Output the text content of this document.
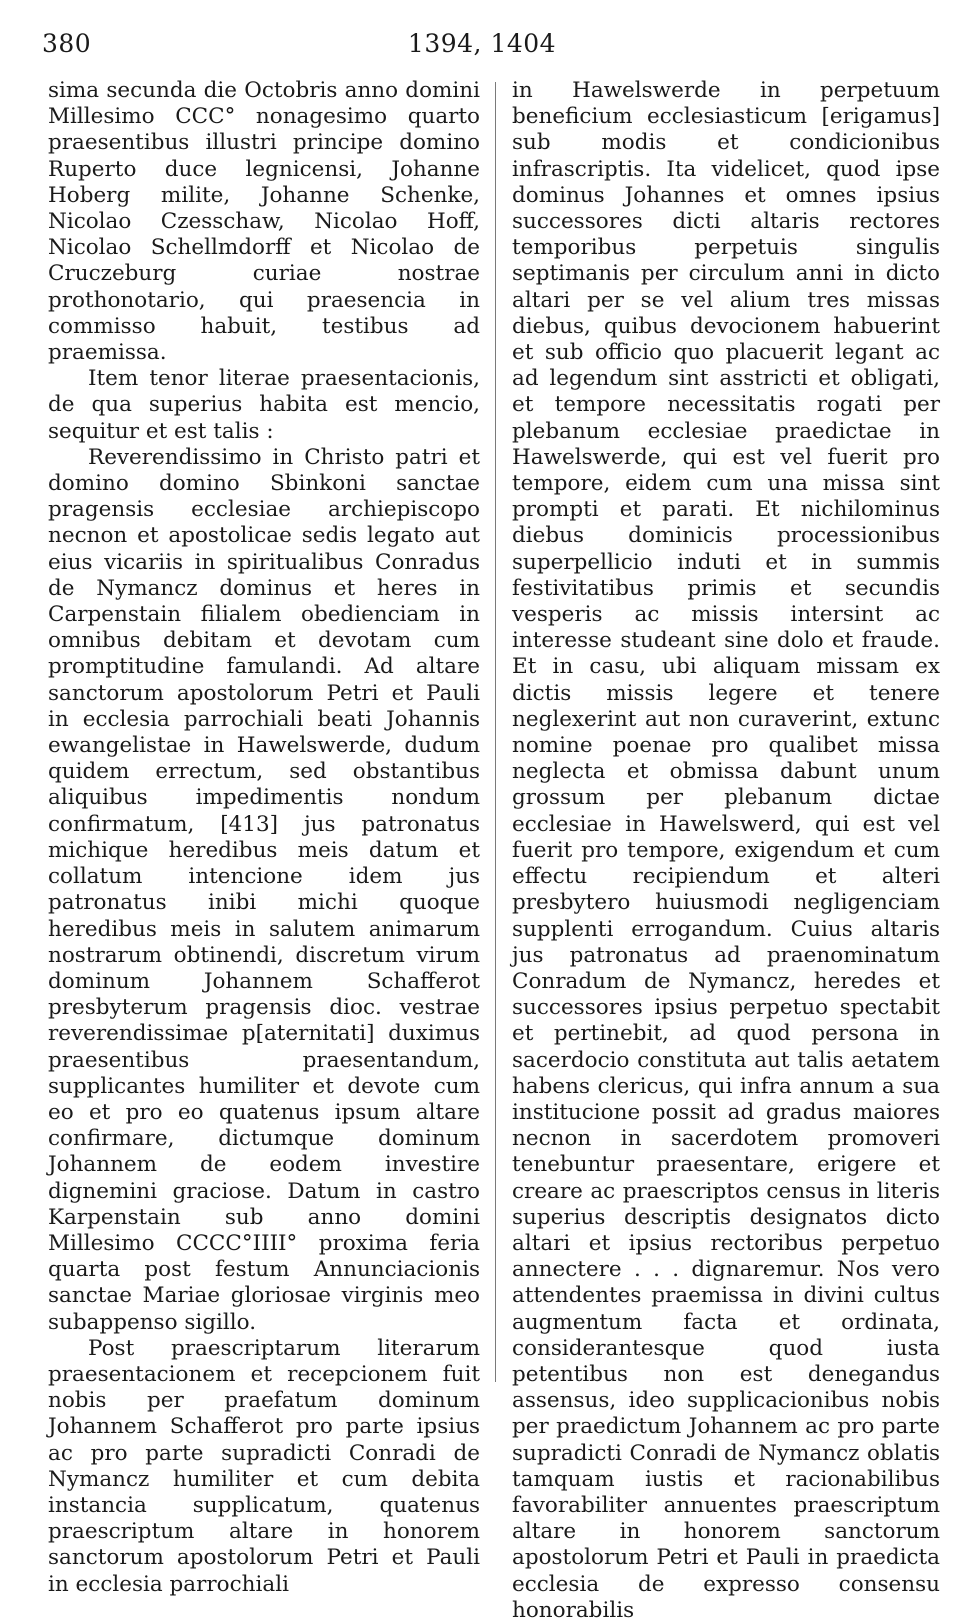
380	1394, 1404

sima secunda die Octobris anno domini Millesimo CCC° nonagesimo quarto praesentibus illustri principe domino Ruperto duce legnicensi, Johanne Hoberg milite, Johanne Schenke, Nicolao Czesschaw, Nicolao Hoff, Nicolao Schellmdorff et Nicolao de Cruczeburg curiae nostrae prothonotario, qui praesencia in commisso habuit, testibus ad praemissa.

Item tenor literae praesentacionis, de qua superius habita est mencio, sequitur et est talis :

Reverendissimo in Christo patri et domino domino Sbinkoni sanctae pragensis ecclesiae archiepiscopo necnon et apostolicae sedis legato aut eius vicariis in spiritualibus Conradus de Nymancz dominus et heres in Carpenstain filialem obedienciam in omnibus debitam et devotam cum promptitudine famulandi. Ad altare sanctorum apostolorum Petri et Pauli in ecclesia parrochiali beati Johannis ewangelistae in Hawelswerde, dudum quidem errectum, sed obstantibus aliquibus impedimentis nondum confirmatum, [413] jus patronatus michique heredibus meis datum et collatum intencione idem jus patronatus inibi michi quoque heredibus meis in salutem animarum nostrarum obtinendi, discretum virum dominum Johannem Schafferot presbyterum pragensis dioc. vestrae reverendissimae p[aternitati] duximus praesentibus praesentandum, supplicantes humiliter et devote cum eo et pro eo quatenus ipsum altare confirmare, dictumque dominum Johannem de eodem investire dignemini graciose. Datum in castro Karpenstain sub anno domini Millesimo CCCC°IIII° proxima feria quarta post festum Annunciacionis sanctae Mariae gloriosae virginis meo subappenso sigillo.

Post praescriptarum literarum praesentacionem et recepcionem fuit nobis per praefatum dominum Johannem Schafferot pro parte ipsius ac pro parte supradicti Conradi de Nymancz humiliter et cum debita instancia supplicatum, quatenus praescriptum altare in honorem sanctorum apostolorum Petri et Pauli in ecclesia parrochiali

in Hawelswerde in perpetuum beneficium ecclesiasticum [erigamus] sub modis et condicionibus infrascriptis. Ita videlicet, quod ipse dominus Johannes et omnes ipsius successores dicti altaris rectores temporibus perpetuis singulis septimanis per circulum anni in dicto altari per se vel alium tres missas diebus, quibus devocionem habuerint et sub officio quo placuerit legant ac ad legendum sint asstricti et obligati, et tempore necessitatis rogati per plebanum ecclesiae praedictae in Hawelswerde, qui est vel fuerit pro tempore, eidem cum una missa sint prompti et parati. Et nichilominus diebus dominicis processionibus superpellicio induti et in summis festivitatibus primis et secundis vesperis ac missis intersint ac interesse studeant sine dolo et fraude. Et in casu, ubi aliquam missam ex dictis missis legere et tenere neglexerint aut non curaverint, extunc nomine poenae pro qualibet missa neglecta et obmissa dabunt unum grossum per plebanum dictae ecclesiae in Hawelswerd, qui est vel fuerit pro tempore, exigendum et cum effectu recipiendum et alteri presbytero huiusmodi negligenciam supplenti errogandum. Cuius altaris jus patronatus ad praenominatum Conradum de Nymancz, heredes et successores ipsius perpetuo spectabit et pertinebit, ad quod persona in sacerdocio constituta aut talis aetatem habens clericus, qui infra annum a sua institucione possit ad gradus maiores necnon in sacerdotem promoveri tenebuntur praesentare, erigere et creare ac praescriptos census in literis superius descriptis designatos dicto altari et ipsius rectoribus perpetuo annectere . . . dignaremur. Nos vero attendentes praemissa in divini cultus augmentum facta et ordinata, considerantesque quod iusta petentibus non est denegandus assensus, ideo supplicacionibus nobis per praedictum Johannem ac pro parte supradicti Conradi de Nymancz oblatis tamquam iustis et racionabilibus favorabiliter annuentes praescriptum altare in honorem sanctorum apostolorum Petri et Pauli in praedicta ecclesia de expresso consensu honorabilis
